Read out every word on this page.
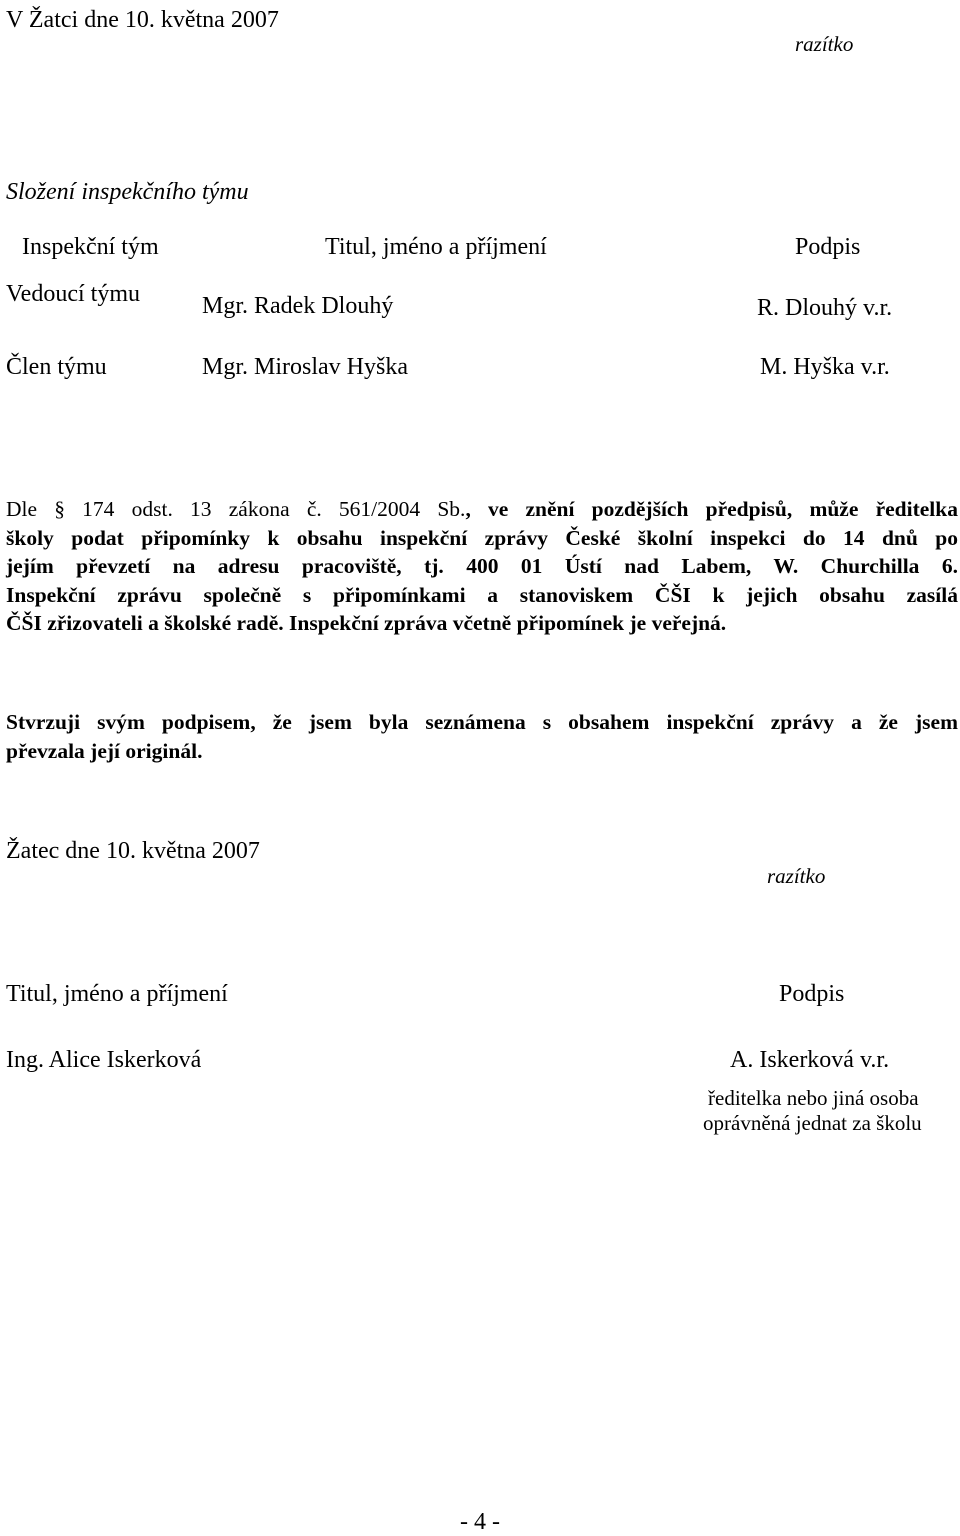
V Žatci dne 10. května 2007
razítko
Složení inspekčního týmu
Inspekční tým	Titul, jméno a příjmení	Podpis
Vedoucí týmu	Mgr. Radek Dlouhý	R. Dlouhý v.r.
Člen týmu	Mgr. Miroslav Hyška	M. Hyška v.r.
Dle § 174 odst. 13 zákona č. 561/2004 Sb., ve znění pozdějších předpisů, může ředitelka
školy podat připomínky k obsahu inspekční zprávy České školní inspekci do 14 dnů po
jejím převzetí na adresu pracoviště, tj. 400 01 Ústí nad Labem, W. Churchilla 6.
Inspekční zprávu společně s připomínkami a stanoviskem ČŠI k jejich obsahu zasílá
ČŠI zřizovateli a školské radě. Inspekční zpráva včetně připomínek je veřejná.
Stvrzuji svým podpisem, že jsem byla seznámena s obsahem inspekční zprávy a že jsem
převzala její originál.
Žatec dne 10. května 2007
razítko
Titul, jméno a příjmení	Podpis
Ing. Alice Iskerková	A. Iskerková v.r.
ředitelka nebo jiná osoba
oprávněná jednat za školu
- 4 -
